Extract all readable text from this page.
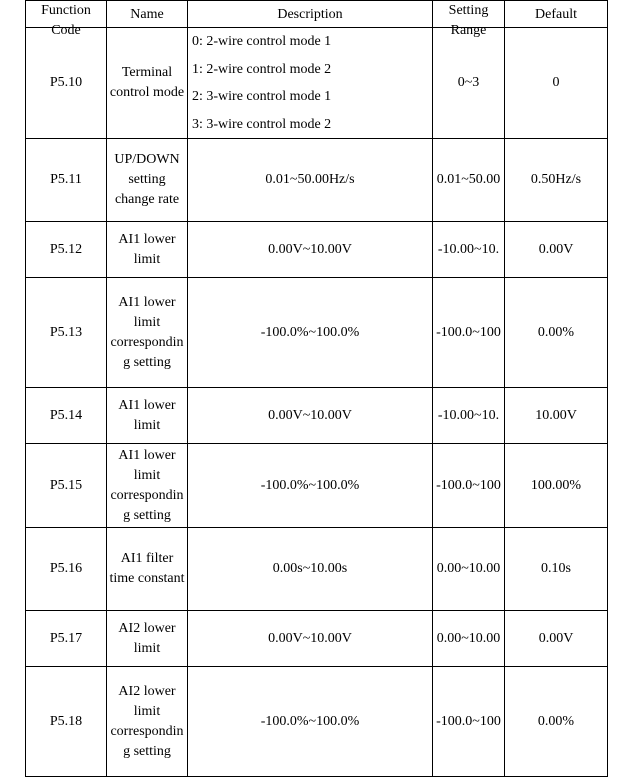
Function Code	Name	Description	Setting Range	Default

P5.10	Terminal control mode	0: 2-wire control mode 1
1: 2-wire control mode 2
2: 3-wire control mode 1
3: 3-wire control mode 2	0~3	0
P5.11	UP/DOWN setting change rate	0.01~50.00Hz/s	0.01~50.00	0.50Hz/s
P5.12	AI1 lower limit	0.00V~10.00V	-10.00~10.	0.00V
P5.13	AI1 lower limit correspondin g setting	-100.0%~100.0%	-100.0~100	0.00%
P5.14	AI1 lower limit	0.00V~10.00V	-10.00~10.	10.00V
P5.15	AI1 lower limit correspondin g setting	-100.0%~100.0%	-100.0~100	100.00%
P5.16	AI1 filter time constant	0.00s~10.00s	0.00~10.00	0.10s
P5.17	AI2 lower limit	0.00V~10.00V	0.00~10.00	0.00V
P5.18	AI2 lower limit correspondin g setting	-100.0%~100.0%	-100.0~100	0.00%
